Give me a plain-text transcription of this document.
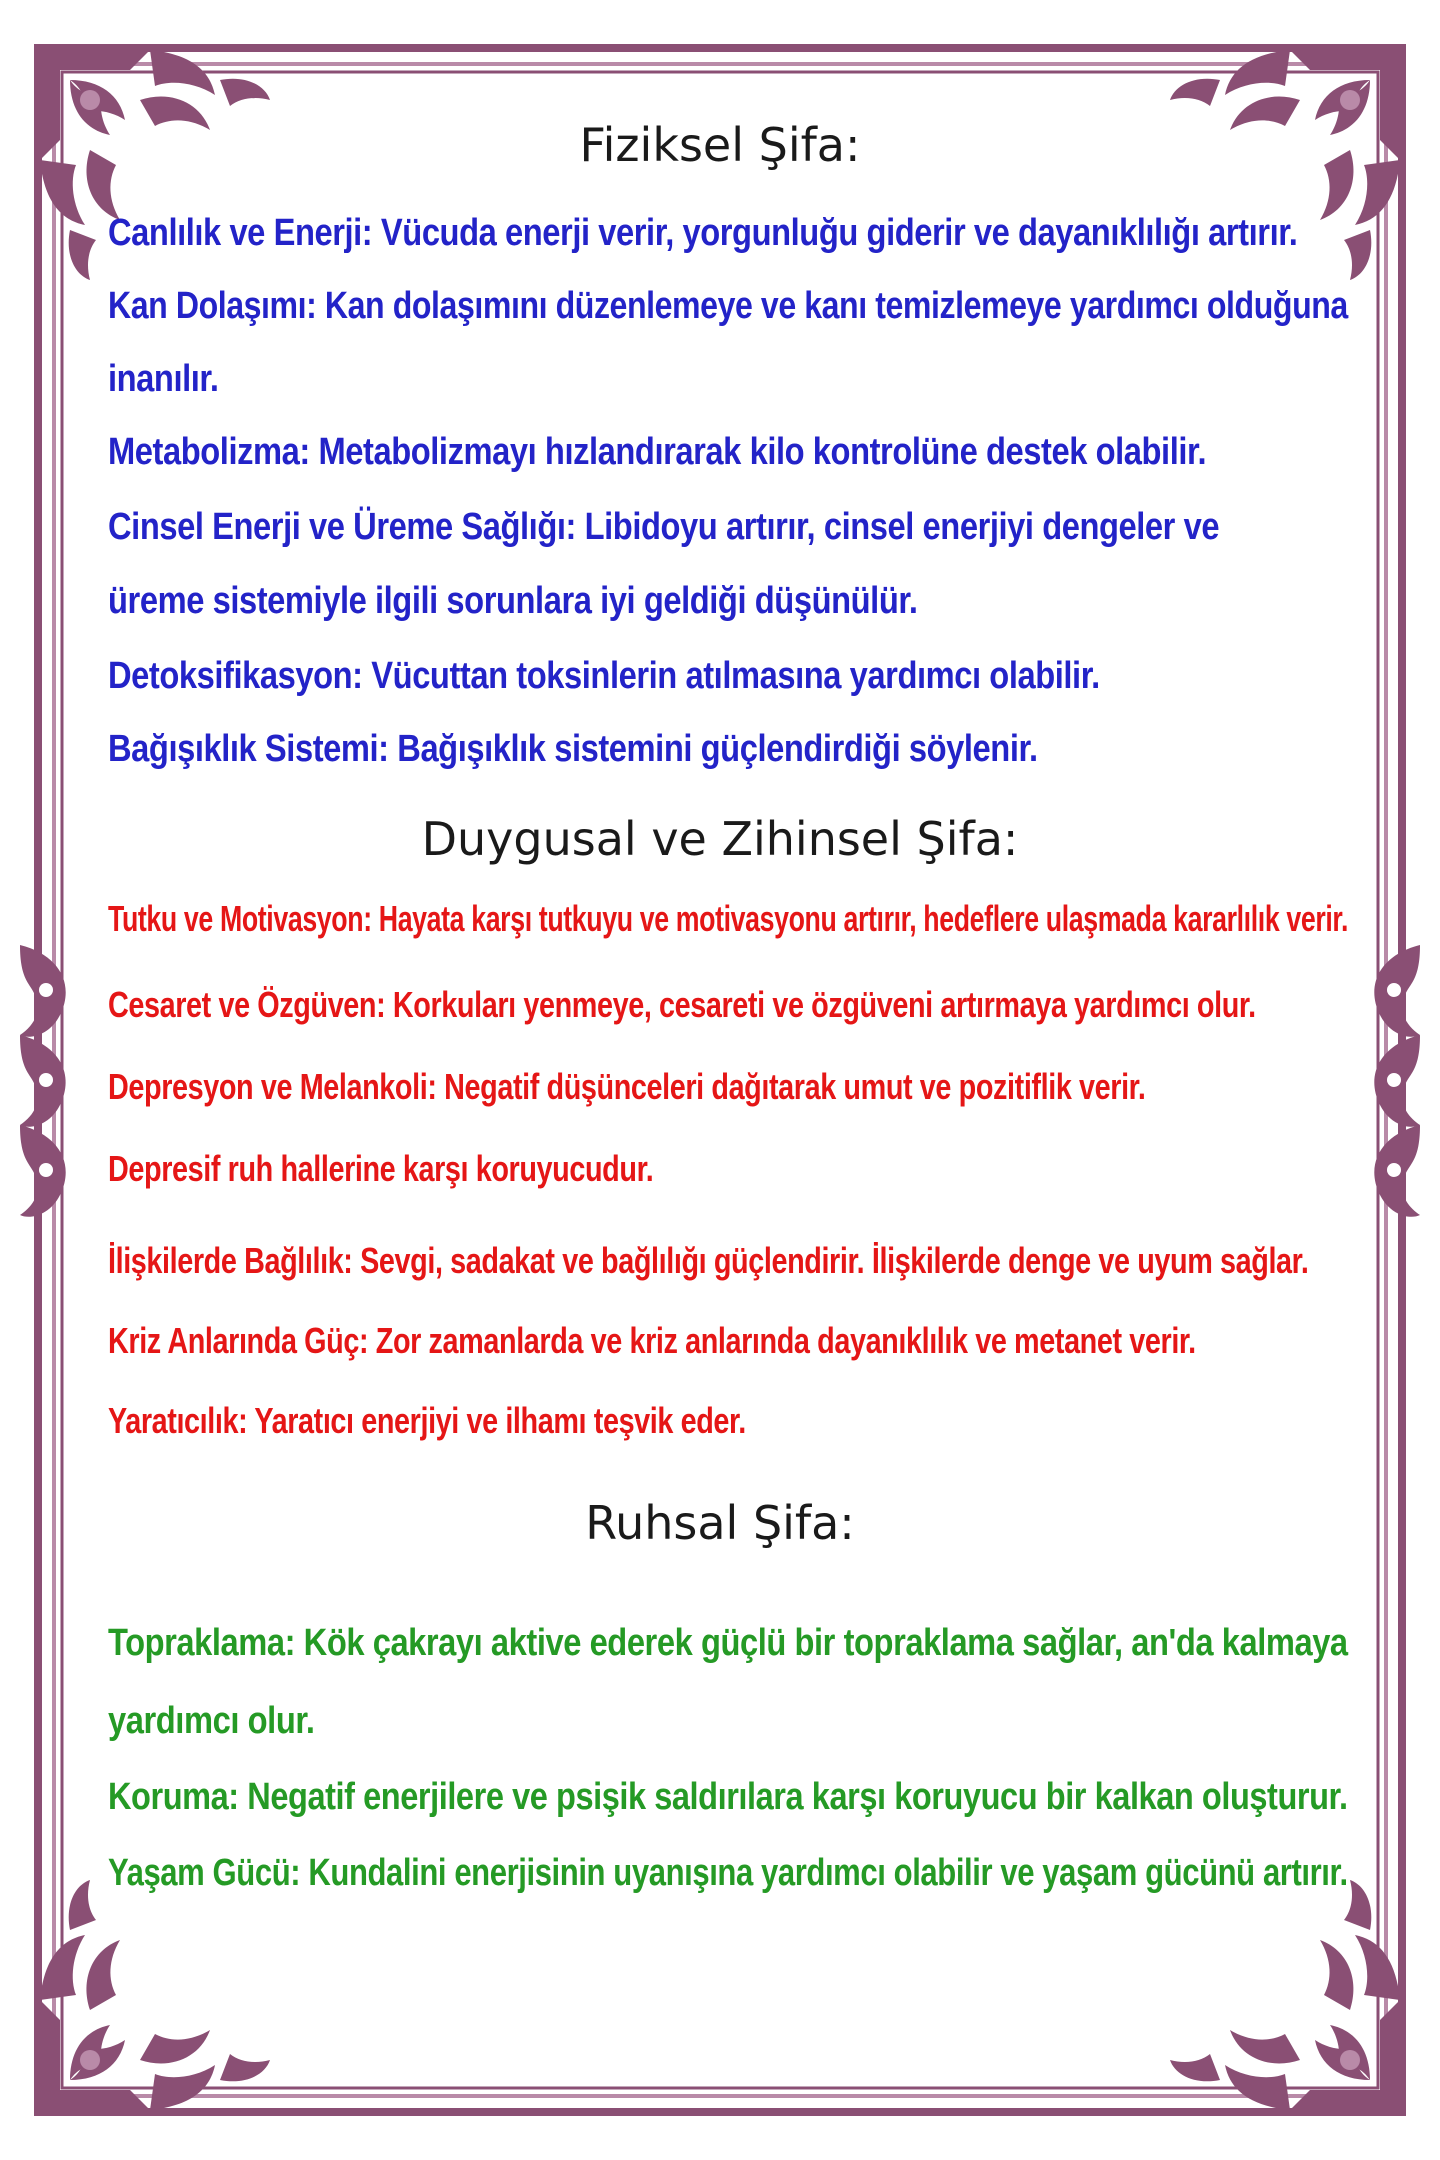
Fiziksel Şifa:
Canlılık ve Enerji: Vücuda enerji verir, yorgunluğu giderir ve dayanıklılığı artırır.
Kan Dolaşımı: Kan dolaşımını düzenlemeye ve kanı temizlemeye yardımcı olduğuna
inanılır.
Metabolizma: Metabolizmayı hızlandırarak kilo kontrolüne destek olabilir.
Cinsel Enerji ve Üreme Sağlığı: Libidoyu artırır, cinsel enerjiyi dengeler ve
üreme sistemiyle ilgili sorunlara iyi geldiği düşünülür.
Detoksifikasyon: Vücuttan toksinlerin atılmasına yardımcı olabilir.
Bağışıklık Sistemi: Bağışıklık sistemini güçlendirdiği söylenir.
Duygusal ve Zihinsel Şifa:
Tutku ve Motivasyon: Hayata karşı tutkuyu ve motivasyonu artırır, hedeflere ulaşmada kararlılık verir.
Cesaret ve Özgüven: Korkuları yenmeye, cesareti ve özgüveni artırmaya yardımcı olur.
Depresyon ve Melankoli: Negatif düşünceleri dağıtarak umut ve pozitiflik verir.
Depresif ruh hallerine karşı koruyucudur.
İlişkilerde Bağlılık: Sevgi, sadakat ve bağlılığı güçlendirir. İlişkilerde denge ve uyum sağlar.
Kriz Anlarında Güç: Zor zamanlarda ve kriz anlarında dayanıklılık ve metanet verir.
Yaratıcılık: Yaratıcı enerjiyi ve ilhamı teşvik eder.
Ruhsal Şifa:
Topraklama: Kök çakrayı aktive ederek güçlü bir topraklama sağlar, an'da kalmaya
yardımcı olur.
Koruma: Negatif enerjilere ve psişik saldırılara karşı koruyucu bir kalkan oluşturur.
Yaşam Gücü: Kundalini enerjisinin uyanışına yardımcı olabilir ve yaşam gücünü artırır.
